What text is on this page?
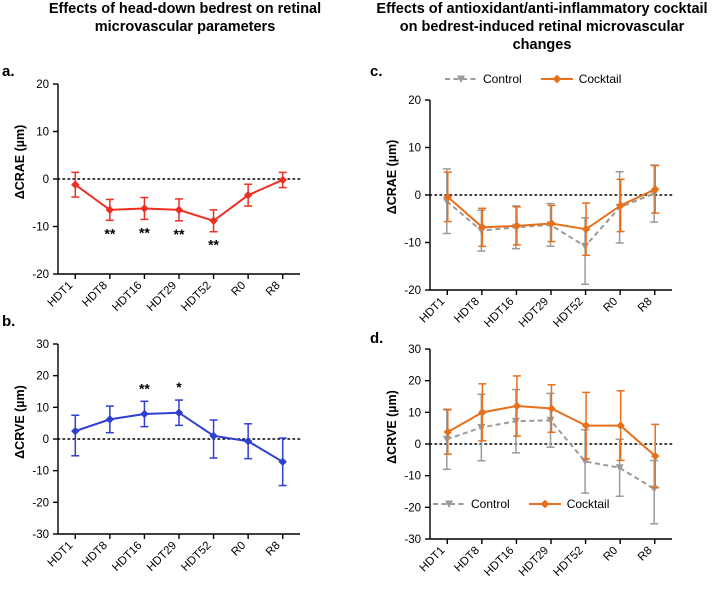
Effects of head-down bedrest on retinal microvascular parameters
Effects of antioxidant/anti-inflammatory cocktail on bedrest-induced retinal microvascular changes
a.
b.
c.
d.
20
10
0
-10
-20
HDT1 HDT8 HDT16 HDT29 HDT52 R0 R8
** ** **
**
ΔCRAE (µm)
30
20
10
0
-10
-20
-30
HDT1 HDT8 HDT16 HDT29 HDT52 R0 R8
** *
ΔCRVE (µm)
20
10
0
-10
-20
HDT1 HDT8 HDT16 HDT29 HDT52 R0 R8
ΔCRAE (µm)
Control	Cocktail
30
20
10
0
-10
-20
-30
HDT1 HDT8 HDT16 HDT29 HDT52 R0 R8
ΔCRVE (µm)
Control	Cocktail
